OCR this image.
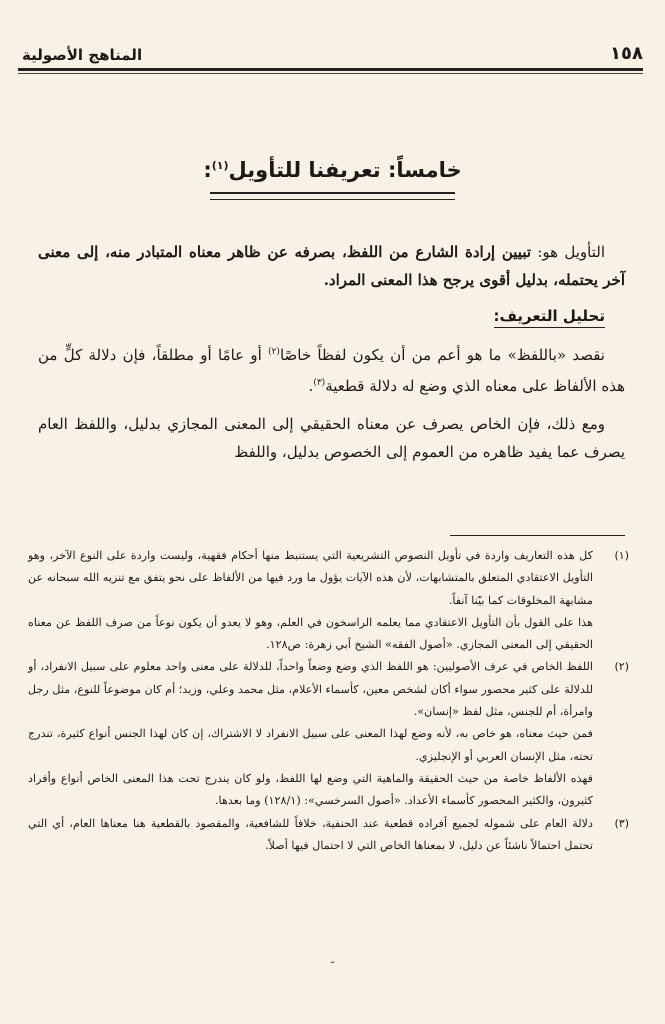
١٥٨
المناهج الأصولية
خامساً: تعريفنا للتأويل$^{(١)}$:

التأويل هو: تبيين إرادة الشارع من اللفظ، بصرفه عن ظاهر معناه المتبادر منه، إلى معنى آخر يحتمله، بدليل أقوى يرجح هذا المعنى المراد.

تحليل التعريف:

نقصد «باللفظ» ما هو أعم من أن يكون لفظاً خاصًا$^{(٢)}$ أو عامًا أو مطلقاً، فإن دلالة كلٍّ من هذه الألفاظ على معناه الذي وضع له دلالة قطعية$^{(٣)}$.

ومع ذلك، فإن الخاص يصرف عن معناه الحقيقي إلى المعنى المجازي بدليل، واللفظ العام يصرف عما يفيد ظاهره من العموم إلى الخصوص بدليل، واللفظ

(١)

كل هذه التعاريف واردة في تأويل النصوص التشريعية التي يستنبط منها أحكام فقهية، وليست واردة على النوع الآخر، وهو التأويل الاعتقادي المتعلق بالمتشابهات، لأن هذه الآيات يؤول ما ورد فيها من الألفاظ على نحو يتفق مع تنزيه الله سبحانه عن مشابهة المخلوقات كما بيّنا آنفاً.

هذا على القول بأن التأويل الاعتقادي مما يعلمه الراسخون في العلم، وهو لا يعدو أن يكون نوعاً من صرف اللفظ عن معناه الحقيقي إلى المعنى المجازي. «أصول الفقه» الشيخ أبي زهرة: ص١٢٨.

(٢)

اللفظ الخاص في عرف الأصوليين: هو اللفظ الذي وضع وضعاً واحداً، للدلالة على معنى واحد معلوم على سبيل الانفراد، أو للدلالة على كثير محصور سواء أكان لشخص معين، كأسماء الأعلام، مثل محمد وعلي، وزيد؛ أم كان موضوعاً للنوع، مثل رجل وامرأة، أم للجنس، مثل لفظ «إنسان».

فمن حيث معناه، هو خاص به، لأنه وضع لهذا المعنى على سبيل الانفراد لا الاشتراك، إن كان لهذا الجنس أنواع كثيرة، تندرج تحته، مثل الإنسان العربي أو الإنجليزي.

فهذه الألفاظ خاصة من حيث الحقيقة والماهية التي وضع لها اللفظ، ولو كان يندرج تحت هذا المعنى الخاص أنواع وأفراد كثيرون، والكثير المحصور كأسماء الأعداد. «أصول السرخسي»: (١٢٨/١) وما بعدها.

(٣)

دلالة العام على شموله لجميع أفراده قطعية عند الحنفية، خلافاً للشافعية، والمقصود بالقطعية هنا معناها العام، أي التي تحتمل احتمالاً ناشئاً عن دليل، لا بمعناها الخاص التي لا احتمال فيها أصلاً.

˘
